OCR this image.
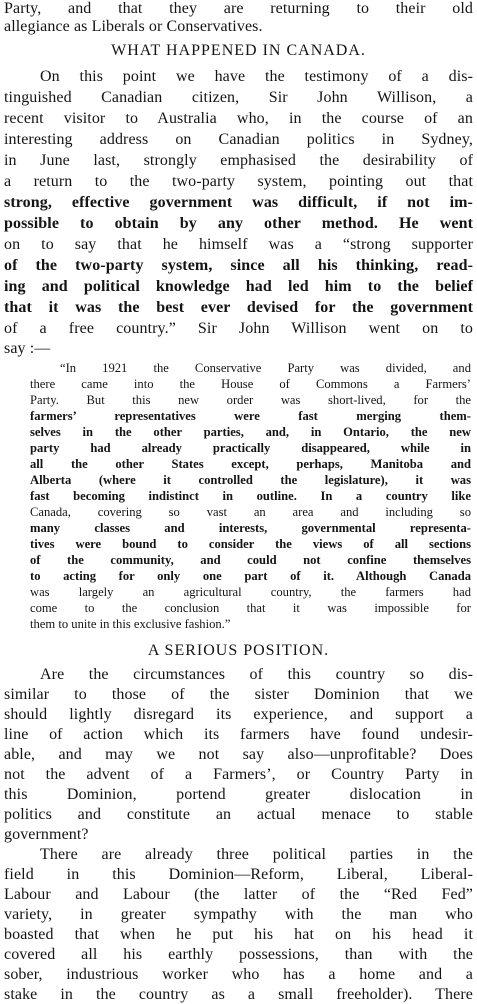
Party, and that they are returning to their old
allegiance as Liberals or Conservatives.
WHAT HAPPENED IN CANADA.
On this point we have the testimony of a dis-
tinguished Canadian citizen, Sir John Willison, a
recent visitor to Australia who, in the course of an
interesting address on Canadian politics in Sydney,
in June last, strongly emphasised the desirability of
a return to the two-party system, pointing out that
strong, effective government was difficult, if not im-
possible to obtain by any other method. He went
on to say that he himself was a “strong supporter
of the two-party system, since all his thinking, read-
ing and political knowledge had led him to the belief
that it was the best ever devised for the government
of a free country.” Sir John Willison went on to
say :—
“In 1921 the Conservative Party was divided, and
there came into the House of Commons a Farmers’
Party. But this new order was short-lived, for the
farmers’ representatives were fast merging them-
selves in the other parties, and, in Ontario, the new
party had already practically disappeared, while in
all the other States except, perhaps, Manitoba and
Alberta (where it controlled the legislature), it was
fast becoming indistinct in outline. In a country like
Canada, covering so vast an area and including so
many classes and interests, governmental representa-
tives were bound to consider the views of all sections
of the community, and could not confine themselves
to acting for only one part of it. Although Canada
was largely an agricultural country, the farmers had
come to the conclusion that it was impossible for
them to unite in this exclusive fashion.”
A SERIOUS POSITION.
Are the circumstances of this country so dis-
similar to those of the sister Dominion that we
should lightly disregard its experience, and support a
line of action which its farmers have found undesir-
able, and may we not say also—unprofitable? Does
not the advent of a Farmers’, or Country Party in
this Dominion, portend greater dislocation in
politics and constitute an actual menace to stable
government?
There are already three political parties in the
field in this Dominion—Reform, Liberal, Liberal-
Labour and Labour (the latter of the “Red Fed”
variety, in greater sympathy with the man who
boasted that when he put his hat on his head it
covered all his earthly possessions, than with the
sober, industrious worker who has a home and a
stake in the country as a small freeholder). There
